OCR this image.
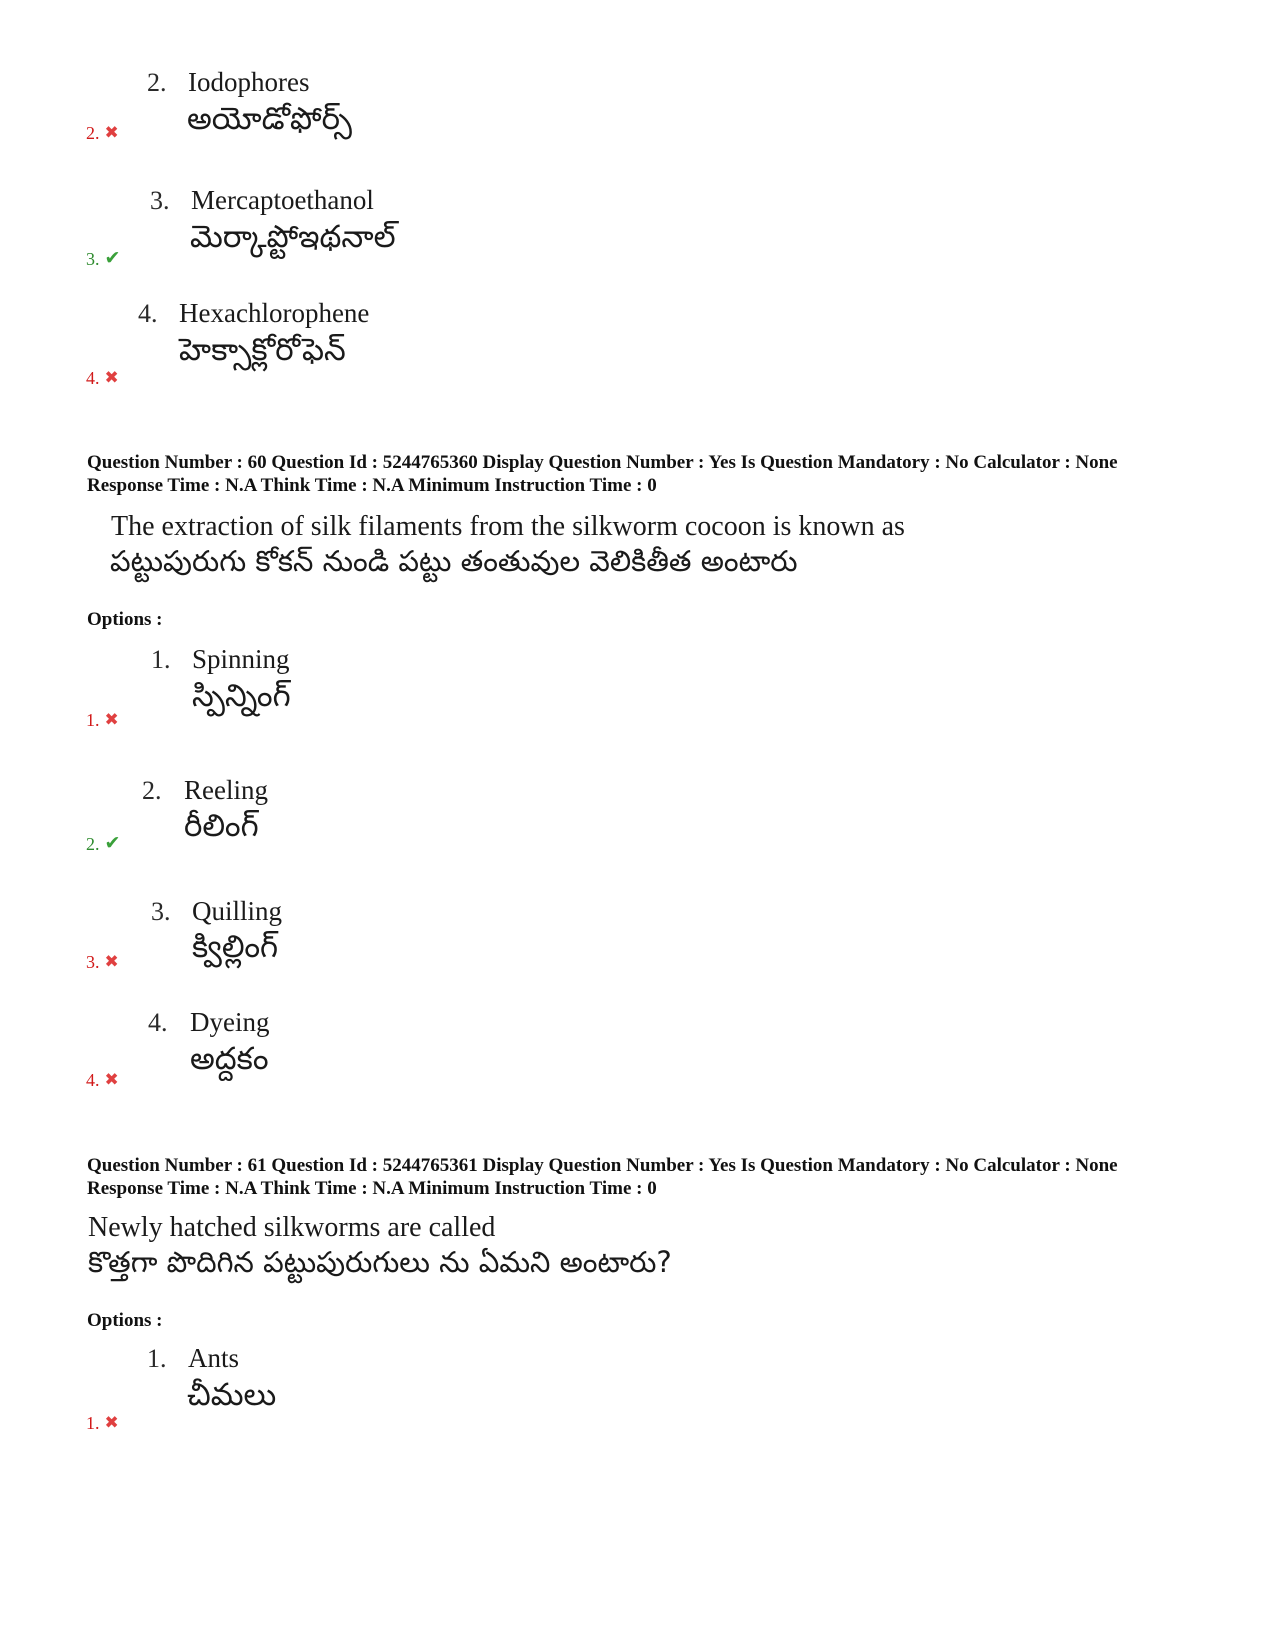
2. Iodophores
అయోడోఫోర్స్
2. ✖
3. Mercaptoethanol
మెర్కాప్టోఇథనాల్
3. ✔
4. Hexachlorophene
హెక్సాక్లోరోఫెన్
4. ✖
Question Number : 60 Question Id : 5244765360 Display Question Number : Yes Is Question Mandatory : No Calculator : None Response Time : N.A Think Time : N.A Minimum Instruction Time : 0
The extraction of silk filaments from the silkworm cocoon is known as
పట్టుపురుగు కోకన్ నుండి పట్టు తంతువుల వెలికితీత అంటారు
Options :
1. Spinning
స్పిన్నింగ్
1. ✖
2. Reeling
రీలింగ్
2. ✔
3. Quilling
క్విల్లింగ్
3. ✖
4. Dyeing
అద్దకం
4. ✖
Question Number : 61 Question Id : 5244765361 Display Question Number : Yes Is Question Mandatory : No Calculator : None Response Time : N.A Think Time : N.A Minimum Instruction Time : 0
Newly hatched silkworms are called
కొత్తగా పొదిగిన పట్టుపురుగులు ను ఏమని అంటారు?
Options :
1. Ants
చీమలు
1. ✖
